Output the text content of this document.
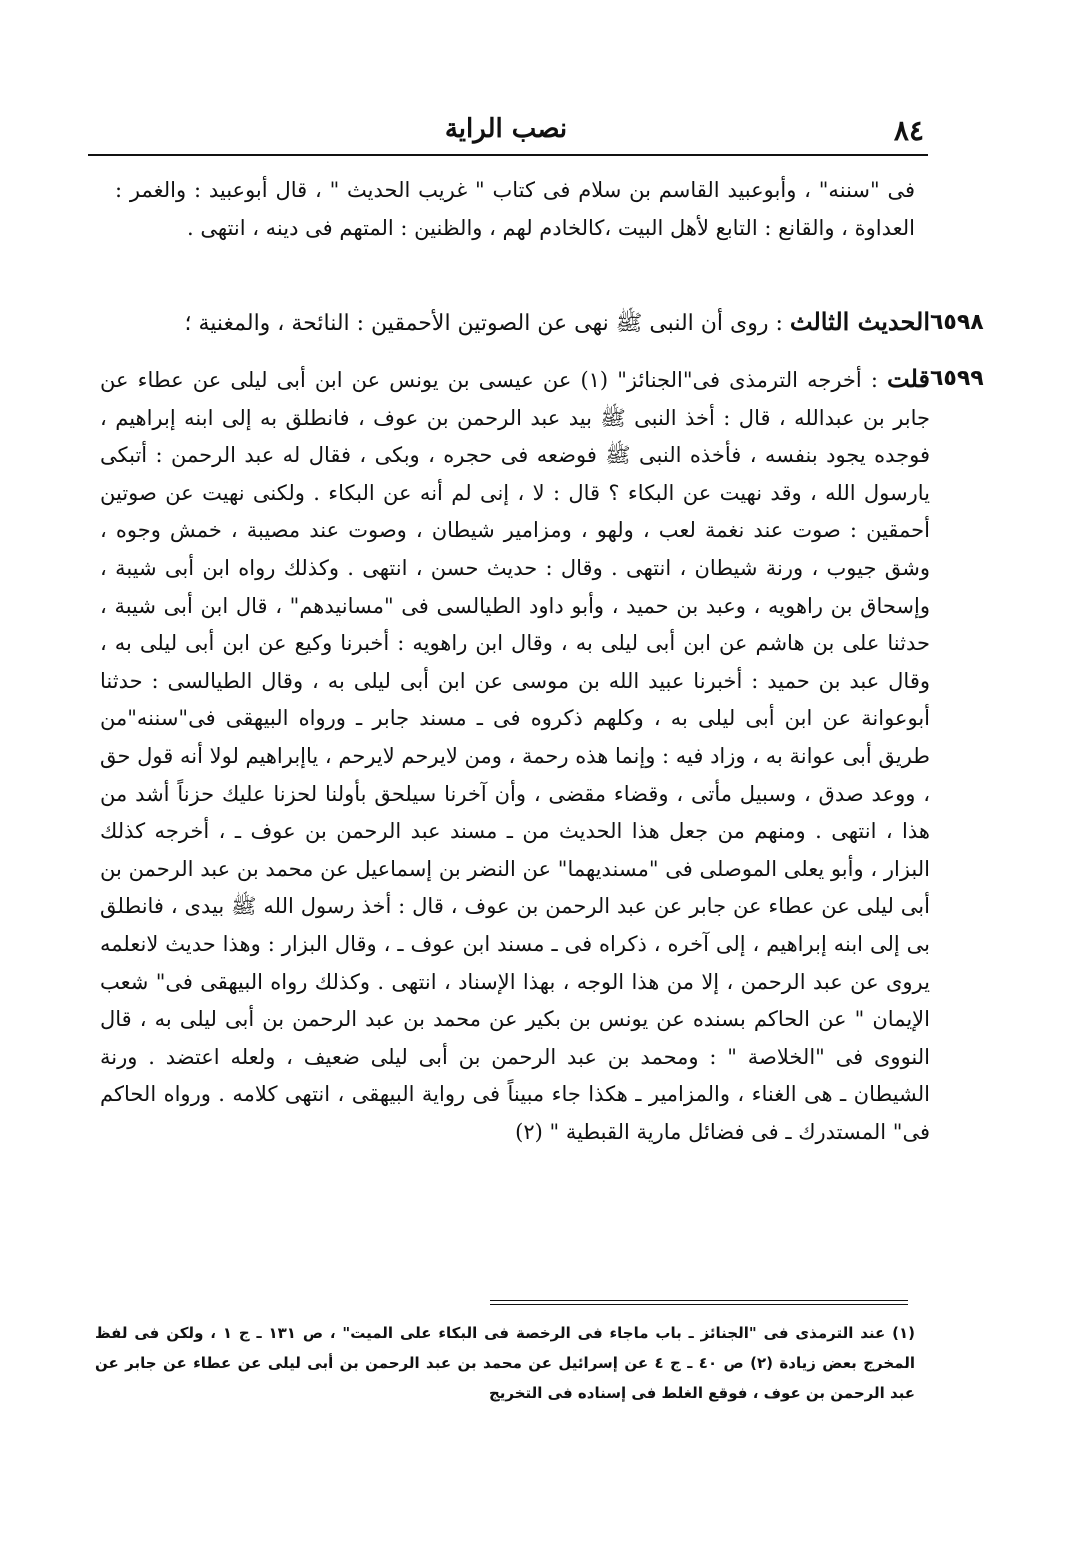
نصب الراية	٨٤
فى "سننه" ، وأبوعبيد القاسم بن سلام فى كتاب " غريب الحديث " ، قال أبوعبيد : والغمر : العداوة ، والقانع : التابع لأهل البيت ،كالخادم لهم ، والظنين : المتهم فى دينه ، انتهى .
٦٥٩٨
الحديث الثالث : روى أن النبى ﷺ نهى عن الصوتين الأحمقين : النائحة ، والمغنية ؛
٦٥٩٩
قلت : أخرجه الترمذى فى"الجنائز" (١) عن عيسى بن يونس عن ابن أبى ليلى عن عطاء عن جابر بن عبدالله ، قال : أخذ النبى ﷺ بيد عبد الرحمن بن عوف ، فانطلق به إلى ابنه إبراهيم ، فوجده يجود بنفسه ، فأخذه النبى ﷺ فوضعه فى حجره ، وبكى ، فقال له عبد الرحمن : أتبكى يارسول الله ، وقد نهيت عن البكاء ؟ قال : لا ، إنى لم أنه عن البكاء . ولكنى نهيت عن صوتين أحمقين : صوت عند نغمة لعب ، ولهو ، ومزامير شيطان ، وصوت عند مصيبة ، خمش وجوه ، وشق جيوب ، ورنة شيطان ، انتهى . وقال : حديث حسن ، انتهى . وكذلك رواه ابن أبى شيبة ، وإسحاق بن راهويه ، وعبد بن حميد ، وأبو داود الطيالسى فى "مسانيدهم" ، قال ابن أبى شيبة ، حدثنا على بن هاشم عن ابن أبى ليلى به ، وقال ابن راهويه : أخبرنا وكيع عن ابن أبى ليلى به ، وقال عبد بن حميد : أخبرنا عبيد الله بن موسى عن ابن أبى ليلى به ، وقال الطيالسى : حدثنا أبوعوانة عن ابن أبى ليلى به ، وكلهم ذكروه فى ـ مسند جابر ـ ورواه البيهقى فى"سننه"من طريق أبى عوانة به ، وزاد فيه : وإنما هذه رحمة ، ومن لايرحم لايرحم ، ياإبراهيم لولا أنه قول حق ، ووعد صدق ، وسبيل مأتى ، وقضاء مقضى ، وأن آخرنا سيلحق بأولنا لحزنا عليك حزناً أشد من هذا ، انتهى . ومنهم من جعل هذا الحديث من ـ مسند عبد الرحمن بن عوف ـ ، أخرجه كذلك البزار ، وأبو يعلى الموصلى فى "مسنديهما" عن النضر بن إسماعيل عن محمد بن عبد الرحمن بن أبى ليلى عن عطاء عن جابر عن عبد الرحمن بن عوف ، قال : أخذ رسول الله ﷺ بيدى ، فانطلق بى إلى ابنه إبراهيم ، إلى آخره ، ذكراه فى ـ مسند ابن عوف ـ ، وقال البزار : وهذا حديث لانعلمه يروى عن عبد الرحمن ، إلا من هذا الوجه ، بهذا الإسناد ، انتهى . وكذلك رواه البيهقى فى" شعب الإيمان " عن الحاكم بسنده عن يونس بن بكير عن محمد بن عبد الرحمن بن أبى ليلى به ، قال النووى فى "الخلاصة " : ومحمد بن عبد الرحمن بن أبى ليلى ضعيف ، ولعله اعتضد . ورنة الشيطان ـ هى الغناء ، والمزامير ـ هكذا جاء مبيناً فى رواية البيهقى ، انتهى كلامه . ورواه الحاكم فى" المستدرك ـ فى فضائل مارية القبطية " (٢)
(١) عند الترمذى فى "الجنائز ـ باب ماجاء فى الرخصة فى البكاء على الميت" ، ص ١٣١ ـ ج ١ ، ولكن فى لفظ المخرج بعض زيادة (٢) ص ٤٠ ـ ج ٤ عن إسرائيل عن محمد بن عبد الرحمن بن أبى ليلى عن عطاء عن جابر عن عبد الرحمن بن عوف ، فوقع الغلط فى إسناده فى التخريج
